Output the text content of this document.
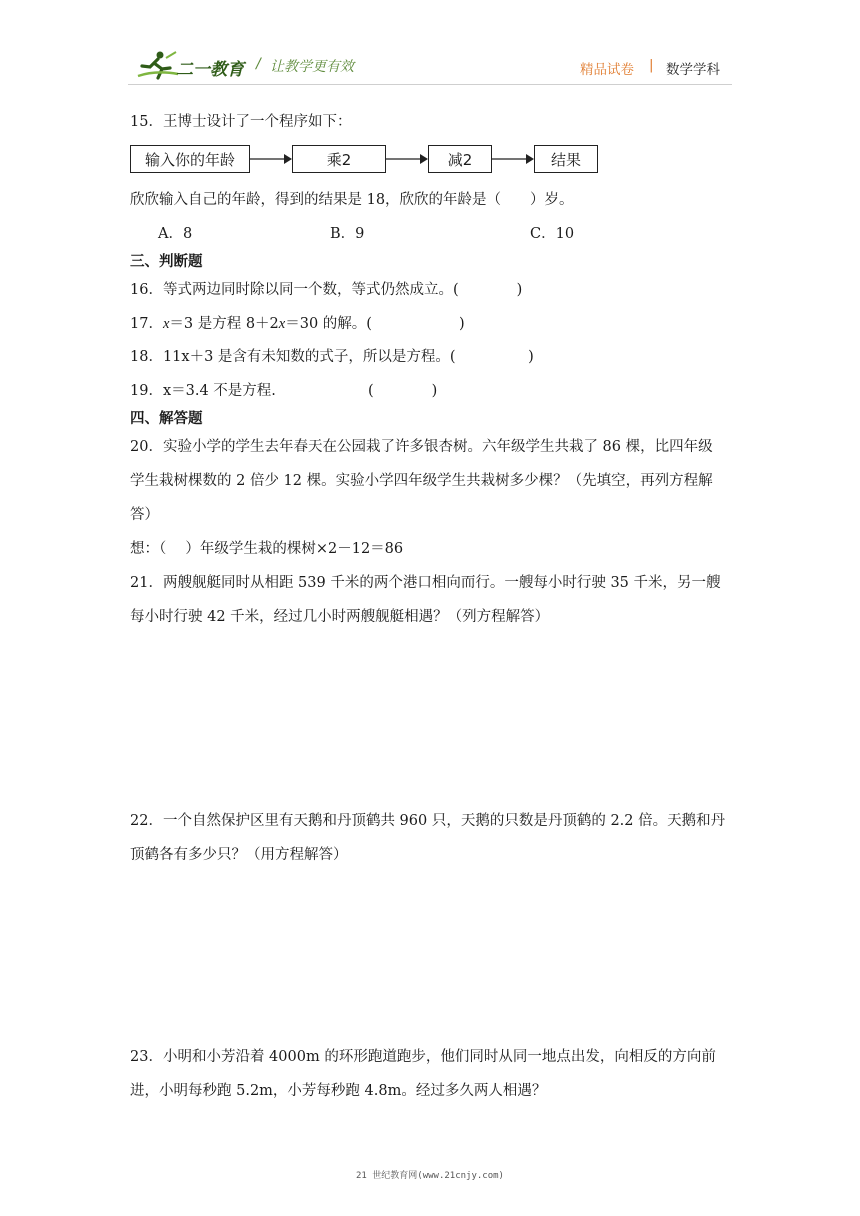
二一教育 / 让教学更有效	精品试卷 | 数学学科
15．王博士设计了一个程序如下：
输入你的年龄	乘2	减2	结果
欣欣输入自己的年龄，得到的结果是 18，欣欣的年龄是（　　）岁。
A．8	B．9	C．10
三、判断题
16．等式两边同时除以同一个数，等式仍然成立。(　　　　)
17．x＝3 是方程 8＋2x＝30 的解。(　　　　　　)
18．11x＋3 是含有未知数的式子，所以是方程。(　　　　　)
19．x＝3.4 不是方程.	(　　　　)
四、解答题
20．实验小学的学生去年春天在公园栽了许多银杏树。六年级学生共栽了 86 棵，比四年级
学生栽树棵数的 2 倍少 12 棵。实验小学四年级学生共栽树多少棵？（先填空，再列方程解
答）
想：（　 ）年级学生栽的棵树×2－12＝86
21．两艘舰艇同时从相距 539 千米的两个港口相向而行。一艘每小时行驶 35 千米，另一艘
每小时行驶 42 千米，经过几小时两艘舰艇相遇？（列方程解答）
22．一个自然保护区里有天鹅和丹顶鹤共 960 只，天鹅的只数是丹顶鹤的 2.2 倍。天鹅和丹
顶鹤各有多少只？（用方程解答）
23．小明和小芳沿着 4000m 的环形跑道跑步，他们同时从同一地点出发，向相反的方向前
进，小明每秒跑 5.2m，小芳每秒跑 4.8m。经过多久两人相遇？
21 世纪教育网(www.21cnjy.com)
